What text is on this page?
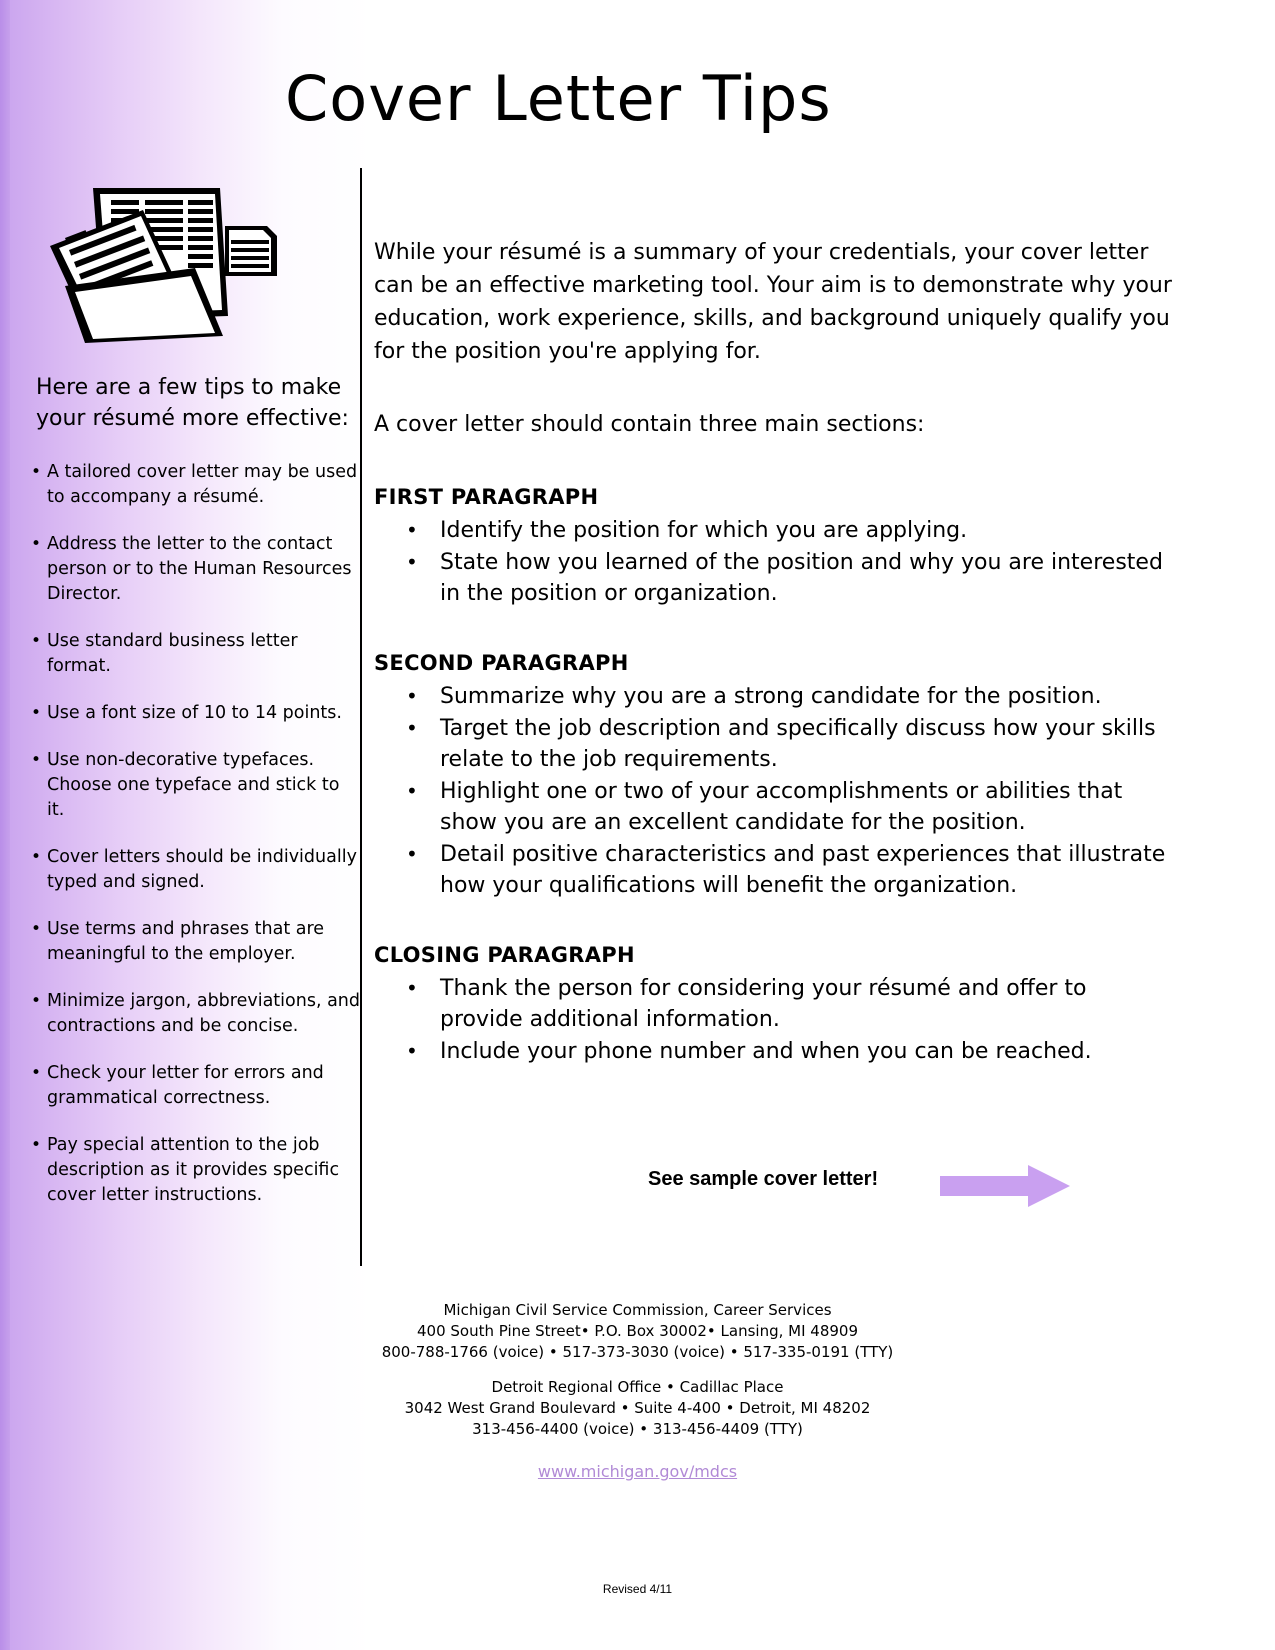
Cover Letter Tips
Here are a few tips to make your résumé more effective:
• A tailored cover letter may be used to accompany a résumé.
• Address the letter to the contact person or to the Human Resources Director.
• Use standard business letter format.
• Use a font size of 10 to 14 points.
• Use non-decorative typefaces. Choose one typeface and stick to it.
• Cover letters should be individually typed and signed.
• Use terms and phrases that are meaningful to the employer.
• Minimize jargon, abbreviations, and contractions and be concise.
• Check your letter for errors and grammatical correctness.
• Pay special attention to the job description as it provides specific cover letter instructions.

While your résumé is a summary of your credentials, your cover letter can be an effective marketing tool. Your aim is to demonstrate why your education, work experience, skills, and background uniquely qualify you for the position you're applying for.

A cover letter should contain three main sections:

FIRST PARAGRAPH
• Identify the position for which you are applying.
• State how you learned of the position and why you are interested in the position or organization.
SECOND PARAGRAPH
• Summarize why you are a strong candidate for the position.
• Target the job description and specifically discuss how your skills relate to the job requirements.
• Highlight one or two of your accomplishments or abilities that show you are an excellent candidate for the position.
• Detail positive characteristics and past experiences that illustrate how your qualifications will benefit the organization.
CLOSING PARAGRAPH
• Thank the person for considering your résumé and offer to provide additional information.
• Include your phone number and when you can be reached.
See sample cover letter!
Michigan Civil Service Commission, Career Services
400 South Pine Street• P.O. Box 30002• Lansing, MI 48909
800-788-1766 (voice) • 517-373-3030 (voice) • 517-335-0191 (TTY)
Detroit Regional Office • Cadillac Place
3042 West Grand Boulevard • Suite 4-400 • Detroit, MI 48202
313-456-4400 (voice) • 313-456-4409 (TTY)
www.michigan.gov/mdcs
Revised 4/11
